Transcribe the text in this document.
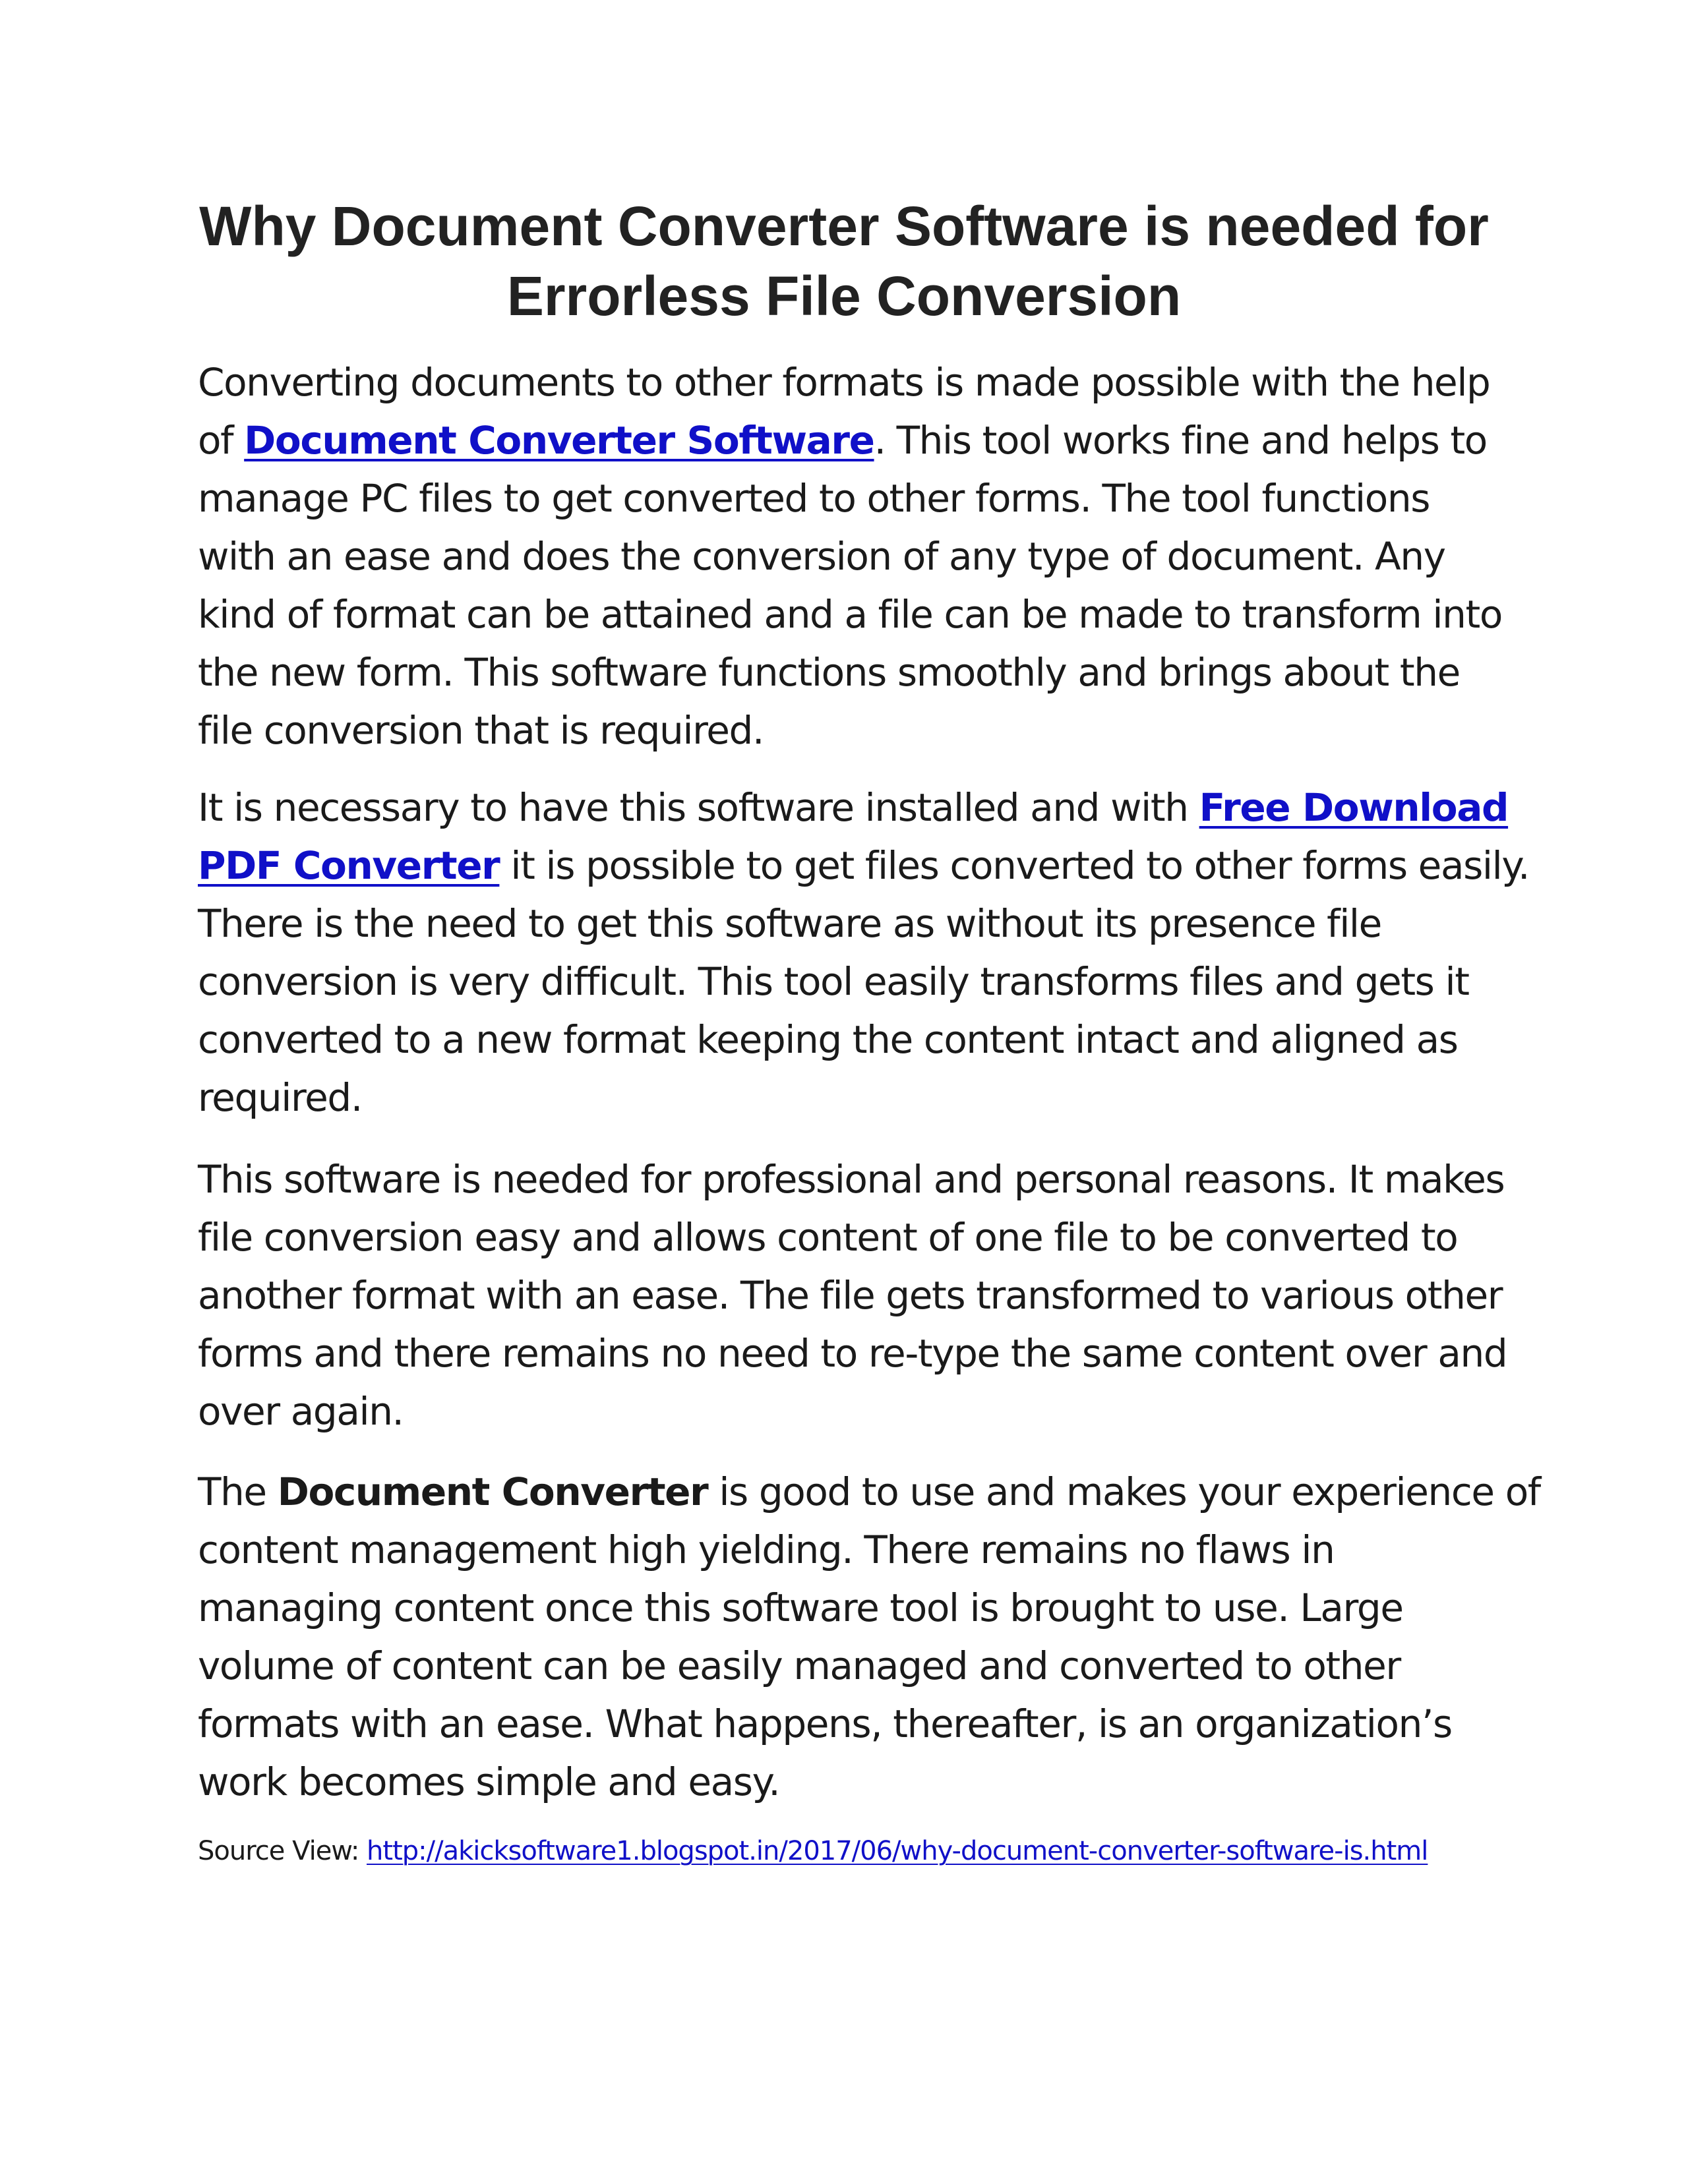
Why Document Converter Software is needed for
Errorless File Conversion
Converting documents to other formats is made possible with the help
of Document Converter Software. This tool works fine and helps to
manage PC files to get converted to other forms. The tool functions
with an ease and does the conversion of any type of document. Any
kind of format can be attained and a file can be made to transform into
the new form. This software functions smoothly and brings about the
file conversion that is required.
It is necessary to have this software installed and with Free Download
PDF Converter it is possible to get files converted to other forms easily.
There is the need to get this software as without its presence file
conversion is very difficult. This tool easily transforms files and gets it
converted to a new format keeping the content intact and aligned as
required.
This software is needed for professional and personal reasons. It makes
file conversion easy and allows content of one file to be converted to
another format with an ease. The file gets transformed to various other
forms and there remains no need to re-type the same content over and
over again.
The Document Converter is good to use and makes your experience of
content management high yielding. There remains no flaws in
managing content once this software tool is brought to use. Large
volume of content can be easily managed and converted to other
formats with an ease. What happens, thereafter, is an organization’s
work becomes simple and easy.

Source View: http://akicksoftware1.blogspot.in/2017/06/why-document-converter-software-is.html
